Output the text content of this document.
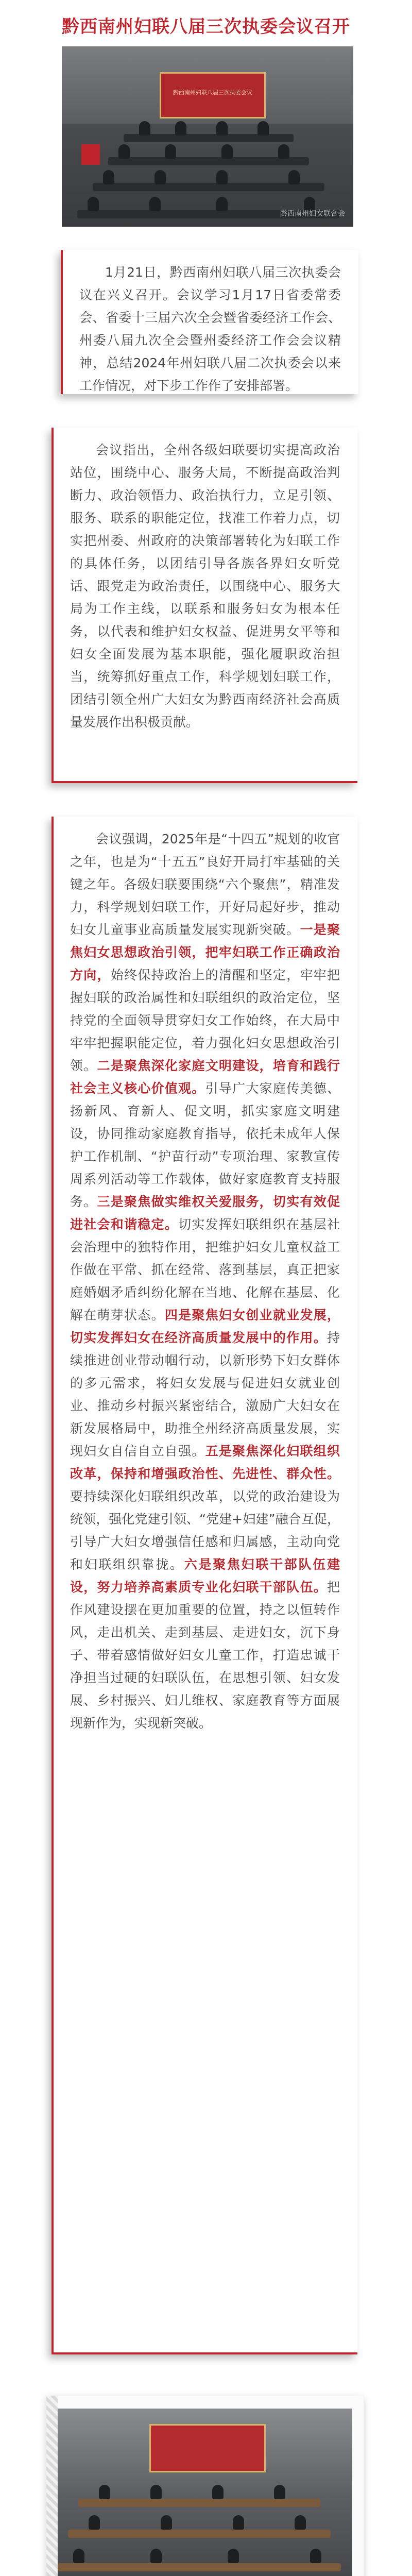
黔西南州妇联八届三次执委会议召开
黔西南州妇联八届三次执委会议
黔西南州妇女联合会
1月21日，黔西南州妇联八届三次执委会议在兴义召开。会议学习1月17日省委常委会、省委十三届六次全会暨省委经济工作会、州委八届九次全会暨州委经济工作会会议精神，总结2024年州妇联八届二次执委会以来工作情况，对下步工作作了安排部署。
会议指出，全州各级妇联要切实提高政治站位，围绕中心、服务大局，不断提高政治判断力、政治领悟力、政治执行力，立足引领、服务、联系的职能定位，找准工作着力点，切实把州委、州政府的决策部署转化为妇联工作的具体任务，以团结引导各族各界妇女听党话、跟党走为政治责任，以围绕中心、服务大局为工作主线，以联系和服务妇女为根本任务，以代表和维护妇女权益、促进男女平等和妇女全面发展为基本职能，强化履职政治担当，统筹抓好重点工作，科学规划妇联工作，团结引领全州广大妇女为黔西南经济社会高质量发展作出积极贡献。
会议强调，2025年是“十四五”规划的收官之年，也是为“十五五”良好开局打牢基础的关键之年。各级妇联要围绕“六个聚焦”，精准发力，科学规划妇联工作，开好局起好步，推动妇女儿童事业高质量发展实现新突破。一是聚焦妇女思想政治引领，把牢妇联工作正确政治方向，始终保持政治上的清醒和坚定，牢牢把握妇联的政治属性和妇联组织的政治定位，坚持党的全面领导贯穿妇女工作始终，在大局中牢牢把握职能定位，着力强化妇女思想政治引领。二是聚焦深化家庭文明建设，培育和践行社会主义核心价值观。引导广大家庭传美德、扬新风、育新人、促文明，抓实家庭文明建设，协同推动家庭教育指导，依托未成年人保护工作机制、“护苗行动”专项治理、家教宣传周系列活动等工作载体，做好家庭教育支持服务。三是聚焦做实维权关爱服务，切实有效促进社会和谐稳定。切实发挥妇联组织在基层社会治理中的独特作用，把维护妇女儿童权益工作做在平常、抓在经常、落到基层，真正把家庭婚姻矛盾纠纷化解在当地、化解在基层、化解在萌芽状态。四是聚焦妇女创业就业发展，切实发挥妇女在经济高质量发展中的作用。持续推进创业带动帼行动，以新形势下妇女群体的多元需求，将妇女发展与促进妇女就业创业、推动乡村振兴紧密结合，激励广大妇女在新发展格局中，助推全州经济高质量发展，实现妇女自信自立自强。五是聚焦深化妇联组织改革，保持和增强政治性、先进性、群众性。要持续深化妇联组织改革，以党的政治建设为统领，强化党建引领、“党建+妇建”融合互促，引导广大妇女增强信任感和归属感，主动向党和妇联组织靠拢。六是聚焦妇联干部队伍建设，努力培养高素质专业化妇联干部队伍。把作风建设摆在更加重要的位置，持之以恒转作风，走出机关、走到基层、走进妇女，沉下身子、带着感情做好妇女儿童工作，打造忠诚干净担当过硬的妇联队伍，在思想引领、妇女发展、乡村振兴、妇儿维权、家庭教育等方面展现新作为，实现新突破。
